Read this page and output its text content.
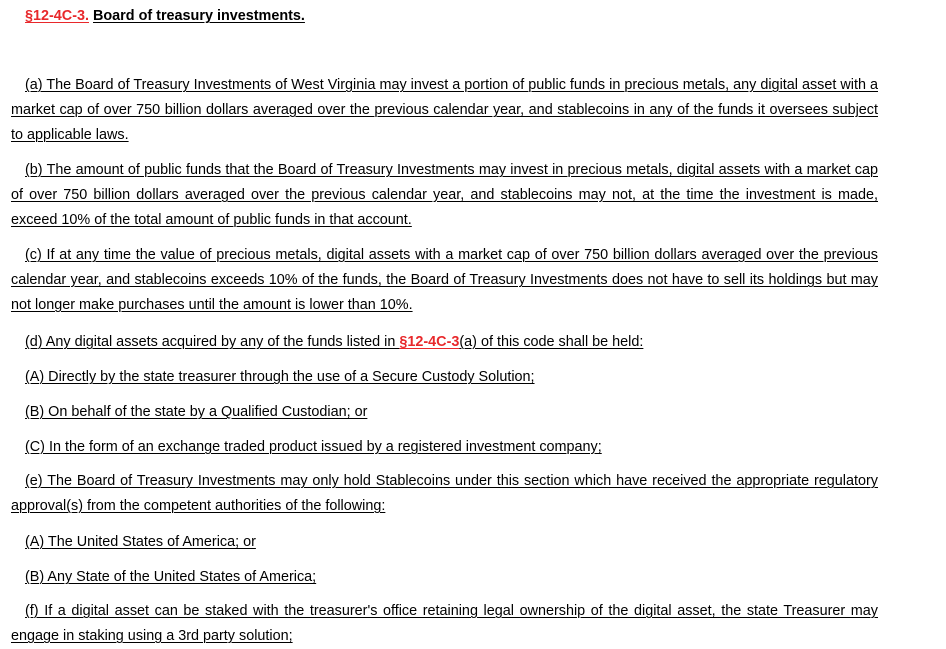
§12-4C-3. Board of treasury investments.

(a) The Board of Treasury Investments of West Virginia may invest a portion of public funds in precious metals, any digital asset with a market cap of over 750 billion dollars averaged over the previous calendar year, and stablecoins in any of the funds it oversees subject to applicable laws.

(b) The amount of public funds that the Board of Treasury Investments may invest in precious metals, digital assets with a market cap of over 750 billion dollars averaged over the previous calendar year, and stablecoins may not, at the time the investment is made, exceed 10% of the total amount of public funds in that account.

(c) If at any time the value of precious metals, digital assets with a market cap of over 750 billion dollars averaged over the previous calendar year, and stablecoins exceeds 10% of the funds, the Board of Treasury Investments does not have to sell its holdings but may not longer make purchases until the amount is lower than 10%.

(d) Any digital assets acquired by any of the funds listed in §12-4C-3(a) of this code shall be held:
(A) Directly by the state treasurer through the use of a Secure Custody Solution;
(B) On behalf of the state by a Qualified Custodian; or
(C) In the form of an exchange traded product issued by a registered investment company;

(e) The Board of Treasury Investments may only hold Stablecoins under this section which have received the appropriate regulatory approval(s) from the competent authorities of the following:

(A) The United States of America; or
(B) Any State of the United States of America;

(f) If a digital asset can be staked with the treasurer's office retaining legal ownership of the digital asset, the state Treasurer may engage in staking using a 3rd party solution;
